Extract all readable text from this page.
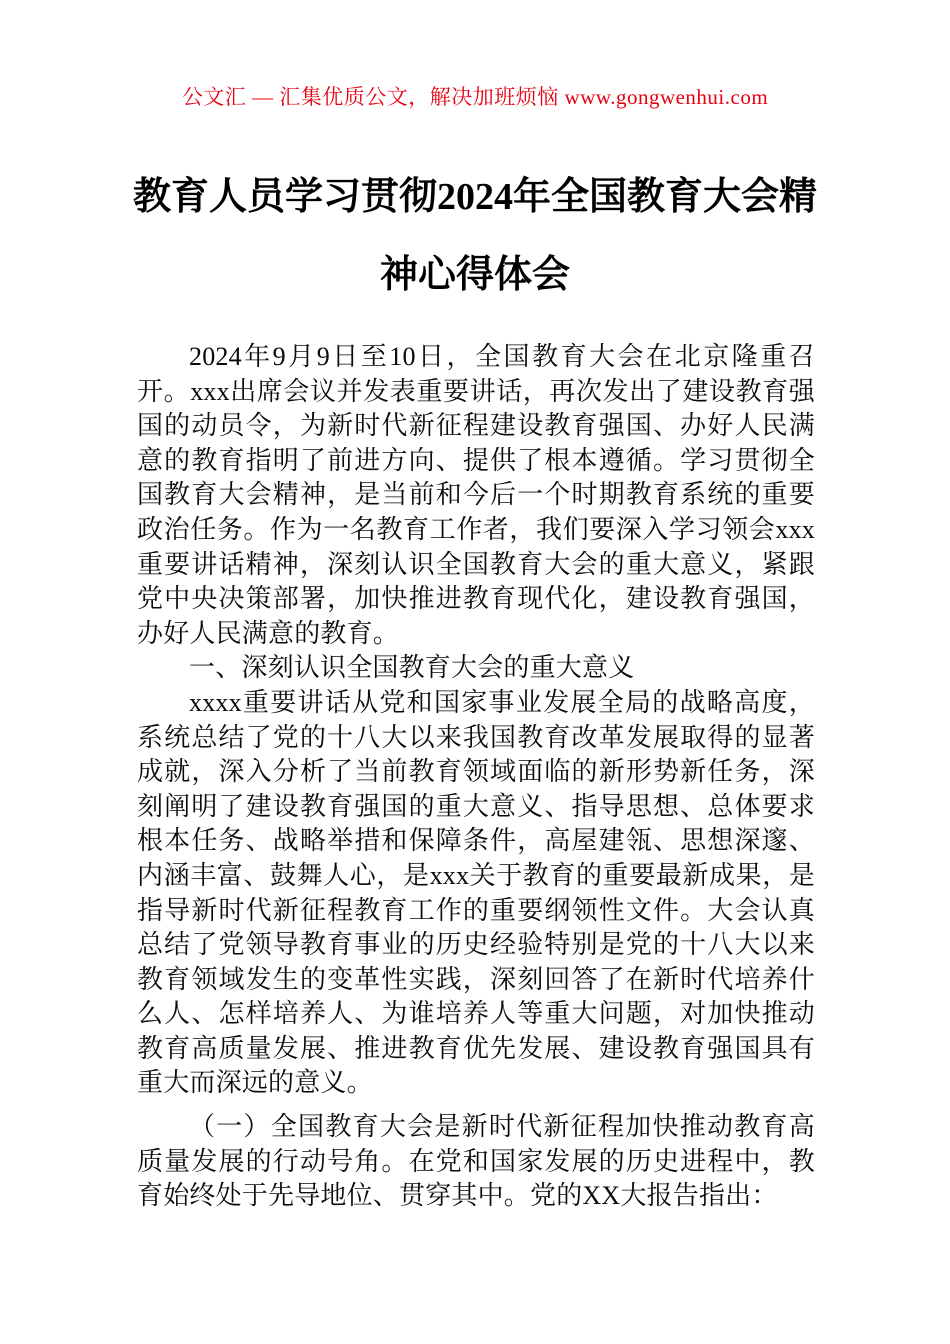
公文汇 — 汇集优质公文，解决加班烦恼 www.gongwenhui.com
教育人员学习贯彻2024年全国教育大会精神心得体会

2024年9月9日至10日，全国教育大会在北京隆重召开。xxx出席会议并发表重要讲话，再次发出了建设教育强国的动员令，为新时代新征程建设教育强国、办好人民满意的教育指明了前进方向、提供了根本遵循。学习贯彻全国教育大会精神，是当前和今后一个时期教育系统的重要政治任务。作为一名教育工作者，我们要深入学习领会xxx重要讲话精神，深刻认识全国教育大会的重大意义，紧跟党中央决策部署，加快推进教育现代化，建设教育强国，办好人民满意的教育。

一、深刻认识全国教育大会的重大意义

xxxx重要讲话从党和国家事业发展全局的战略高度，系统总结了党的十八大以来我国教育改革发展取得的显著成就，深入分析了当前教育领域面临的新形势新任务，深刻阐明了建设教育强国的重大意义、指导思想、总体要求根本任务、战略举措和保障条件，高屋建瓴、思想深邃、内涵丰富、鼓舞人心，是xxx关于教育的重要最新成果，是指导新时代新征程教育工作的重要纲领性文件。大会认真总结了党领导教育事业的历史经验特别是党的十八大以来教育领域发生的变革性实践，深刻回答了在新时代培养什么人、怎样培养人、为谁培养人等重大问题，对加快推动教育高质量发展、推进教育优先发展、建设教育强国具有重大而深远的意义。

（一）全国教育大会是新时代新征程加快推动教育高质量发展的行动号角。在党和国家发展的历史进程中，教育始终处于先导地位、贯穿其中。党的XX大报告指出：
